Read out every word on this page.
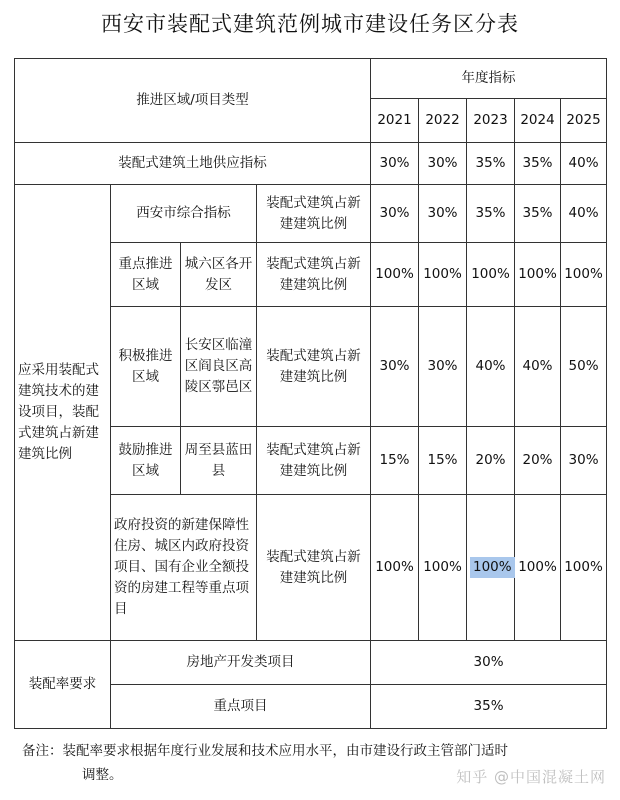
西安市装配式建筑范例城市建设任务区分表
推进区域/项目类型				年度指标				
				2021	2022	2023	2024	2025
装配式建筑土地供应指标				30%	30%	35%	35%	40%
应采用装配式建筑技术的建设项目，装配式建筑占新建建筑比例	西安市综合指标		装配式建筑占新建建筑比例	30%	30%	35%	35%	40%
	重点推进区域	城六区各开发区	装配式建筑占新建建筑比例	100%	100%	100%	100%	100%
	积极推进区域	长安区临潼区阎良区高陵区鄠邑区	装配式建筑占新建建筑比例	30%	30%	40%	40%	50%
	鼓励推进区域	周至县蓝田县	装配式建筑占新建建筑比例	15%	15%	20%	20%	30%
	政府投资的新建保障性住房、城区内政府投资项目、国有企业全额投资的房建工程等重点项目		装配式建筑占新建建筑比例	100%	100%	100%	100%	100%
装配率要求	房地产开发类项目			30%				
	重点项目			35%				
备注：装配率要求根据年度行业发展和技术应用水平，由市建设行政主管部门适时
调整。	知乎 @中国混凝土网
